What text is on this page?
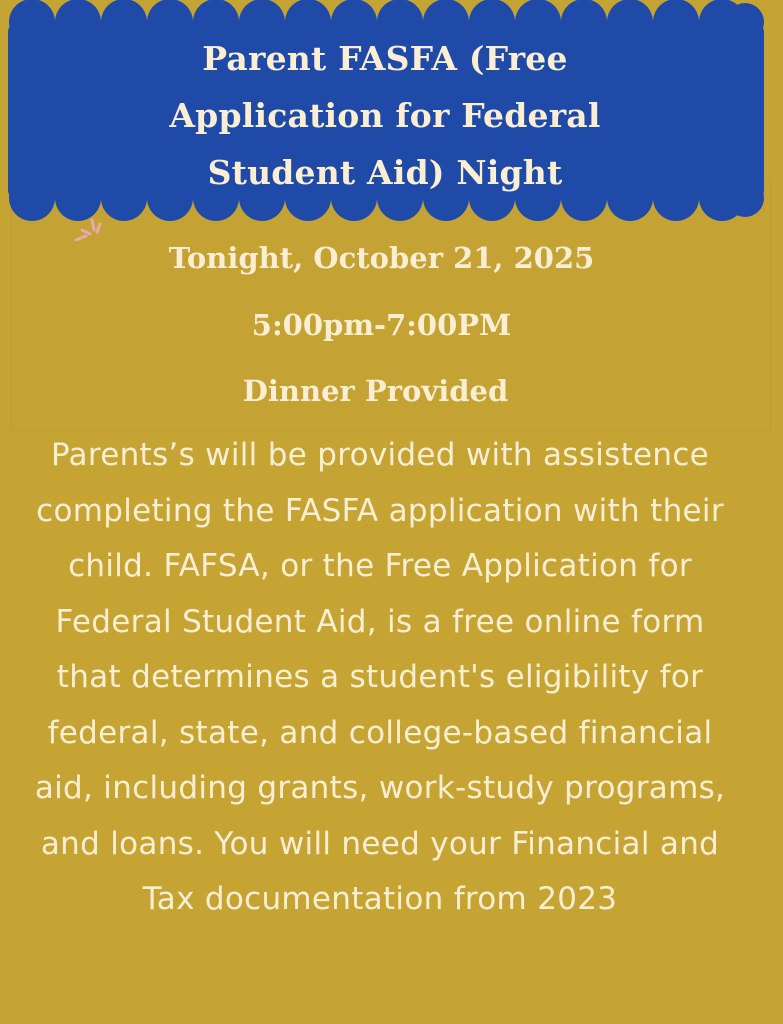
Parent FASFA (Free Application for Federal Student Aid) Night
Tonight, October 21, 2025
5:00pm-7:00PM
Dinner Provided

Parents’s will be provided with assistence completing the FASFA application with their child. FAFSA, or the Free Application for Federal Student Aid, is a free online form that determines a student's eligibility for federal, state, and college-based financial aid, including grants, work-study programs, and loans. You will need your Financial and Tax documentation from 2023
